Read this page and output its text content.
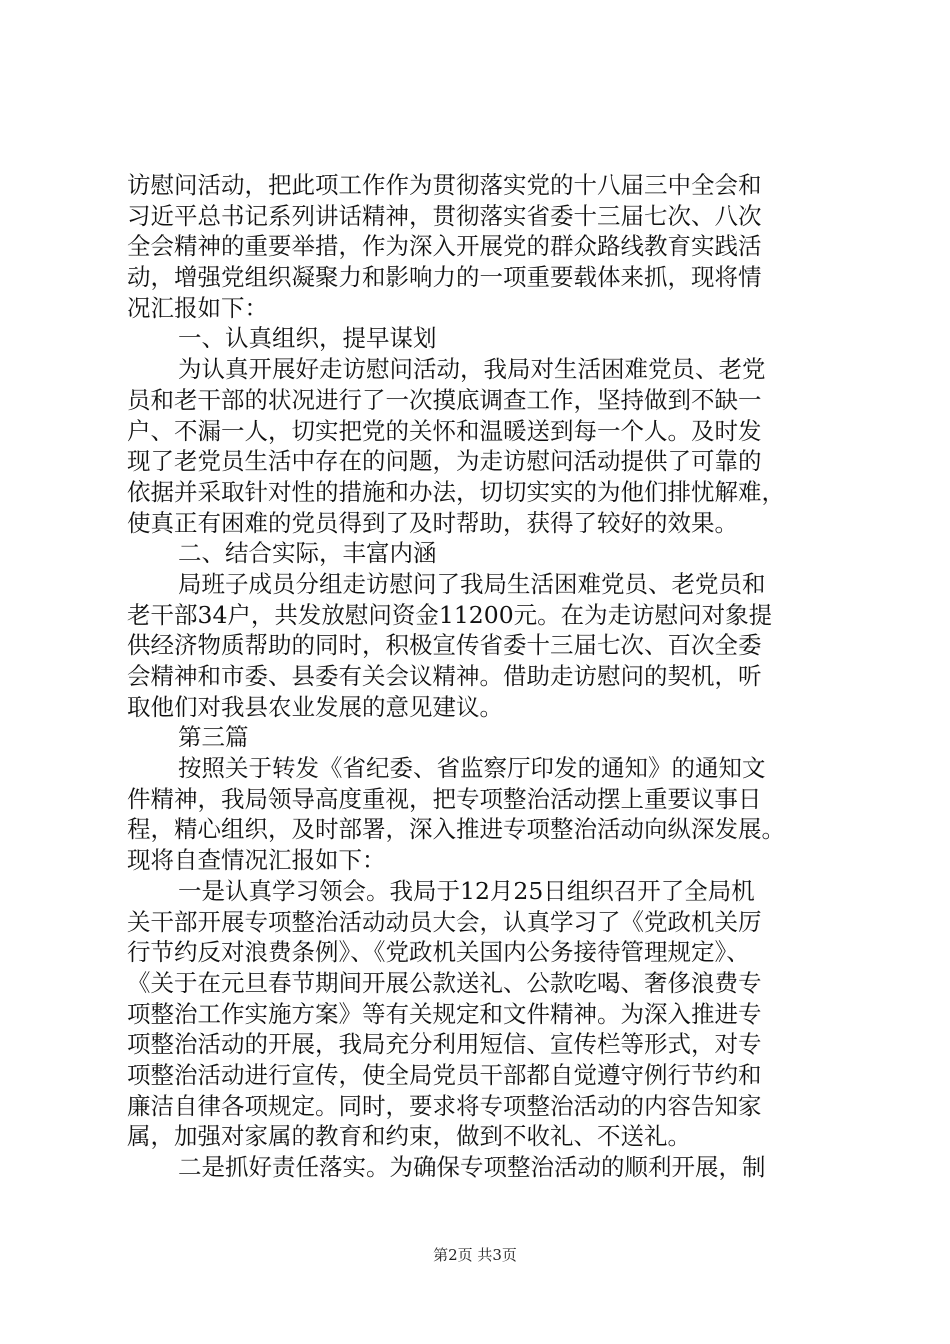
访慰问活动，把此项工作作为贯彻落实党的十八届三中全会和
习近平总书记系列讲话精神，贯彻落实省委十三届七次、八次
全会精神的重要举措，作为深入开展党的群众路线教育实践活
动，增强党组织凝聚力和影响力的一项重要载体来抓，现将情
况汇报如下：
一、认真组织，提早谋划
为认真开展好走访慰问活动，我局对生活困难党员、老党
员和老干部的状况进行了一次摸底调查工作，坚持做到不缺一
户、不漏一人，切实把党的关怀和温暖送到每一个人。及时发
现了老党员生活中存在的问题，为走访慰问活动提供了可靠的
依据并采取针对性的措施和办法，切切实实的为他们排忧解难，
使真正有困难的党员得到了及时帮助，获得了较好的效果。
二、结合实际，丰富内涵
局班子成员分组走访慰问了我局生活困难党员、老党员和
老干部34户，共发放慰问资金11200元。在为走访慰问对象提
供经济物质帮助的同时，积极宣传省委十三届七次、百次全委
会精神和市委、县委有关会议精神。借助走访慰问的契机，听
取他们对我县农业发展的意见建议。
第三篇
按照关于转发《省纪委、省监察厅印发的通知》的通知文
件精神，我局领导高度重视，把专项整治活动摆上重要议事日
程，精心组织，及时部署，深入推进专项整治活动向纵深发展。
现将自查情况汇报如下：
一是认真学习领会。我局于12月25日组织召开了全局机
关干部开展专项整治活动动员大会，认真学习了《党政机关厉
行节约反对浪费条例》、《党政机关国内公务接待管理规定》、
《关于在元旦春节期间开展公款送礼、公款吃喝、奢侈浪费专
项整治工作实施方案》等有关规定和文件精神。为深入推进专
项整治活动的开展，我局充分利用短信、宣传栏等形式，对专
项整治活动进行宣传，使全局党员干部都自觉遵守例行节约和
廉洁自律各项规定。同时，要求将专项整治活动的内容告知家
属，加强对家属的教育和约束，做到不收礼、不送礼。
二是抓好责任落实。为确保专项整治活动的顺利开展，制
第2页 共3页
